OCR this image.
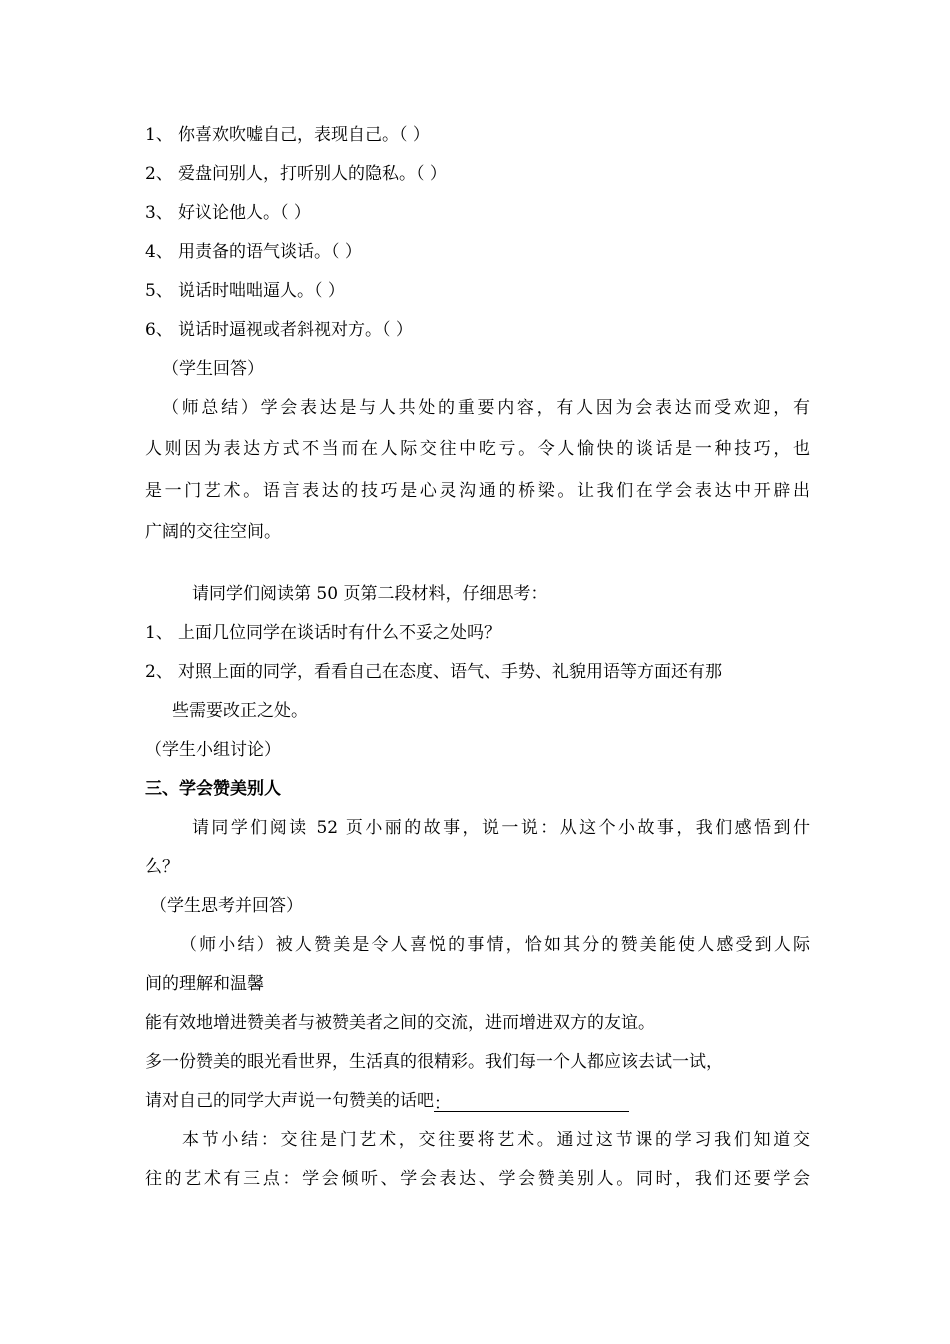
1、 你喜欢吹嘘自己，表现自己。（ ）
2、 爱盘问别人，打听别人的隐私。（ ）
3、 好议论他人。（ ）
4、 用责备的语气谈话。（ ）
5、 说话时咄咄逼人。（ ）
6、 说话时逼视或者斜视对方。（ ）
（学生回答）
（师总结）学会表达是与人共处的重要内容，有人因为会表达而受欢迎，有
人则因为表达方式不当而在人际交往中吃亏。令人愉快的谈话是一种技巧，也
是一门艺术。语言表达的技巧是心灵沟通的桥梁。让我们在学会表达中开辟出
广阔的交往空间。
请同学们阅读第 50 页第二段材料，仔细思考：
1、 上面几位同学在谈话时有什么不妥之处吗？
2、 对照上面的同学，看看自己在态度、语气、手势、礼貌用语等方面还有那
些需要改正之处。
（学生小组讨论）
三、学会赞美别人
请同学们阅读 52 页小丽的故事，说一说：从这个小故事，我们感悟到什
么？
（学生思考并回答）
（师小结）被人赞美是令人喜悦的事情，恰如其分的赞美能使人感受到人际
间的理解和温馨
能有效地增进赞美者与被赞美者之间的交流，进而增进双方的友谊。
多一份赞美的眼光看世界，生活真的很精彩。我们每一个人都应该去试一试，
请对自己的同学大声说一句赞美的话吧：
本节小结：交往是门艺术，交往要将艺术。通过这节课的学习我们知道交
往的艺术有三点：学会倾听、学会表达、学会赞美别人。同时，我们还要学会
